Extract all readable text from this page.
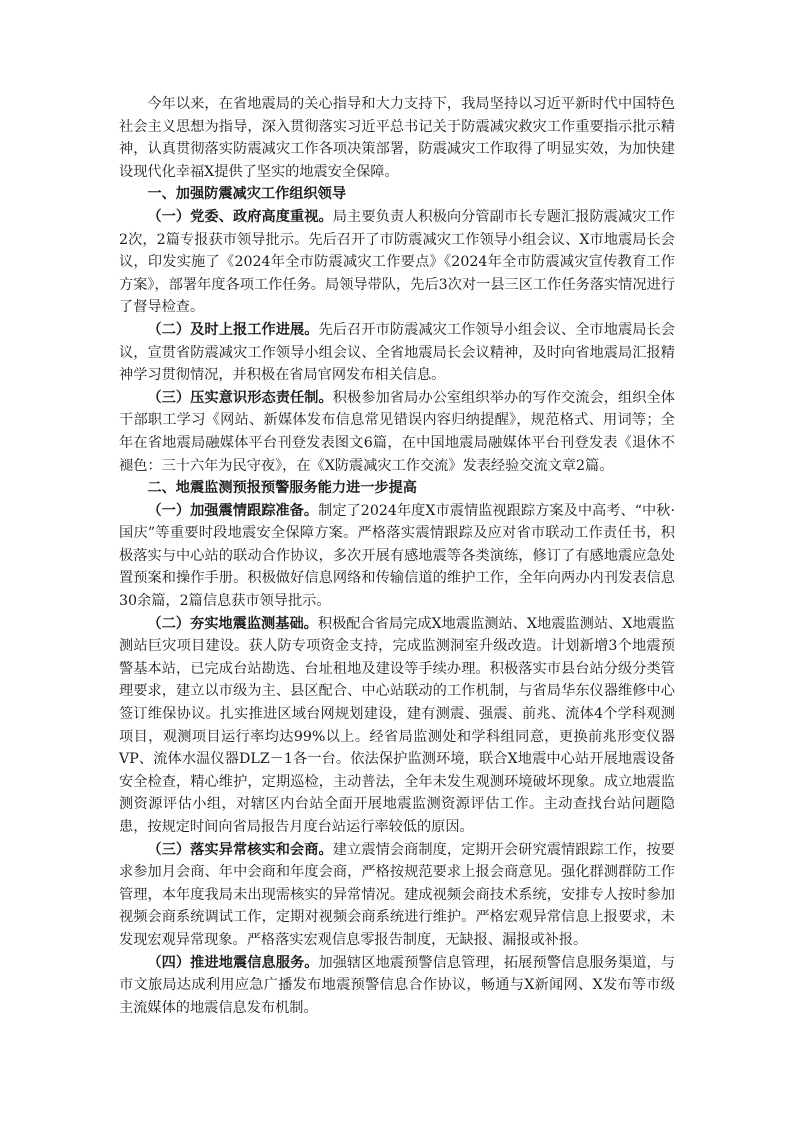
今年以来，在省地震局的关心指导和大力支持下，我局坚持以习近平新时代中国特色社会主义思想为指导，深入贯彻落实习近平总书记关于防震减灾救灾工作重要指示批示精神，认真贯彻落实防震减灾工作各项决策部署，防震减灾工作取得了明显实效，为加快建设现代化幸福X提供了坚实的地震安全保障。

一、加强防震减灾工作组织领导

（一）党委、政府高度重视。局主要负责人积极向分管副市长专题汇报防震减灾工作2次，2篇专报获市领导批示。先后召开了市防震减灾工作领导小组会议、X市地震局长会议，印发实施了《2024年全市防震减灾工作要点》《2024年全市防震减灾宣传教育工作方案》，部署年度各项工作任务。局领导带队，先后3次对一县三区工作任务落实情况进行了督导检查。

（二）及时上报工作进展。先后召开市防震减灾工作领导小组会议、全市地震局长会议，宣贯省防震减灾工作领导小组会议、全省地震局长会议精神，及时向省地震局汇报精神学习贯彻情况，并积极在省局官网发布相关信息。

（三）压实意识形态责任制。积极参加省局办公室组织举办的写作交流会，组织全体干部职工学习《网站、新媒体发布信息常见错误内容归纳提醒》，规范格式、用词等；全年在省地震局融媒体平台刊登发表图文6篇，在中国地震局融媒体平台刊登发表《退休不褪色：三十六年为民守夜》，在《X防震减灾工作交流》发表经验交流文章2篇。

二、地震监测预报预警服务能力进一步提高

（一）加强震情跟踪准备。制定了2024年度X市震情监视跟踪方案及中高考、“中秋·国庆”等重要时段地震安全保障方案。严格落实震情跟踪及应对省市联动工作责任书，积极落实与中心站的联动合作协议，多次开展有感地震等各类演练，修订了有感地震应急处置预案和操作手册。积极做好信息网络和传输信道的维护工作，全年向两办内刊发表信息30余篇，2篇信息获市领导批示。

（二）夯实地震监测基础。积极配合省局完成X地震监测站、X地震监测站、X地震监测站巨灾项目建设。获人防专项资金支持，完成监测洞室升级改造。计划新增3个地震预警基本站，已完成台站勘选、台址租地及建设等手续办理。积极落实市县台站分级分类管理要求，建立以市级为主、县区配合、中心站联动的工作机制，与省局华东仪器维修中心签订维保协议。扎实推进区域台网规划建设，建有测震、强震、前兆、流体4个学科观测项目，观测项目运行率均达99%以上。经省局监测处和学科组同意，更换前兆形变仪器VP、流体水温仪器DLZ－1各一台。依法保护监测环境，联合X地震中心站开展地震设备安全检查，精心维护，定期巡检，主动普法，全年未发生观测环境破坏现象。成立地震监测资源评估小组，对辖区内台站全面开展地震监测资源评估工作。主动查找台站问题隐患，按规定时间向省局报告月度台站运行率较低的原因。

（三）落实异常核实和会商。建立震情会商制度，定期开会研究震情跟踪工作，按要求参加月会商、年中会商和年度会商，严格按规范要求上报会商意见。强化群测群防工作管理，本年度我局未出现需核实的异常情况。建成视频会商技术系统，安排专人按时参加视频会商系统调试工作，定期对视频会商系统进行维护。严格宏观异常信息上报要求，未发现宏观异常现象。严格落实宏观信息零报告制度，无缺报、漏报或补报。

（四）推进地震信息服务。加强辖区地震预警信息管理，拓展预警信息服务渠道，与市文旅局达成利用应急广播发布地震预警信息合作协议，畅通与X新闻网、X发布等市级主流媒体的地震信息发布机制。
